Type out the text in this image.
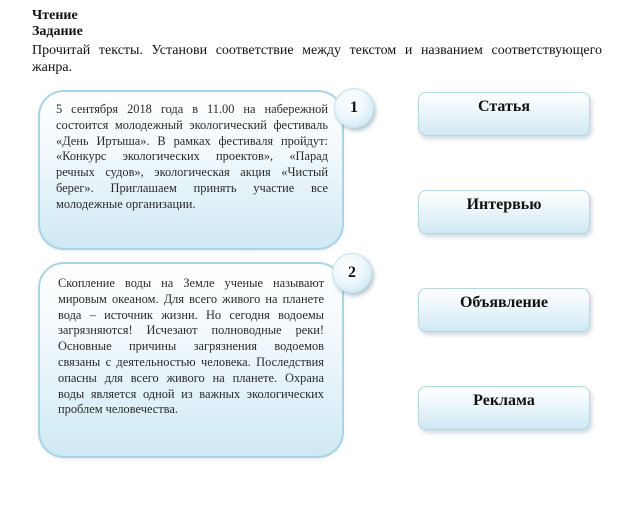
Чтение
Задание
Прочитай тексты. Установи соответствие между текстом и названием соответствующего жанра.

5 сентября 2018 года в 11.00 на набережной состоится молодежный экологический фестиваль «День Иртыша». В рамках фестиваля пройдут: «Конкурс экологических проектов», «Парад речных судов», экологическая акция «Чистый берег». Приглашаем принять участие все молодежные организации.

1

Скопление воды на Земле ученые называют мировым океаном. Для всего живого на планете вода – источник жизни. Но сегодня водоемы загрязняются! Исчезают полноводные реки! Основные причины загрязнения водоемов связаны с деятельностью человека. Последствия опасны для всего живого на планете. Охрана воды является одной из важных экологических проблем человечества.

2
Статья
Интервью
Объявление
Реклама
